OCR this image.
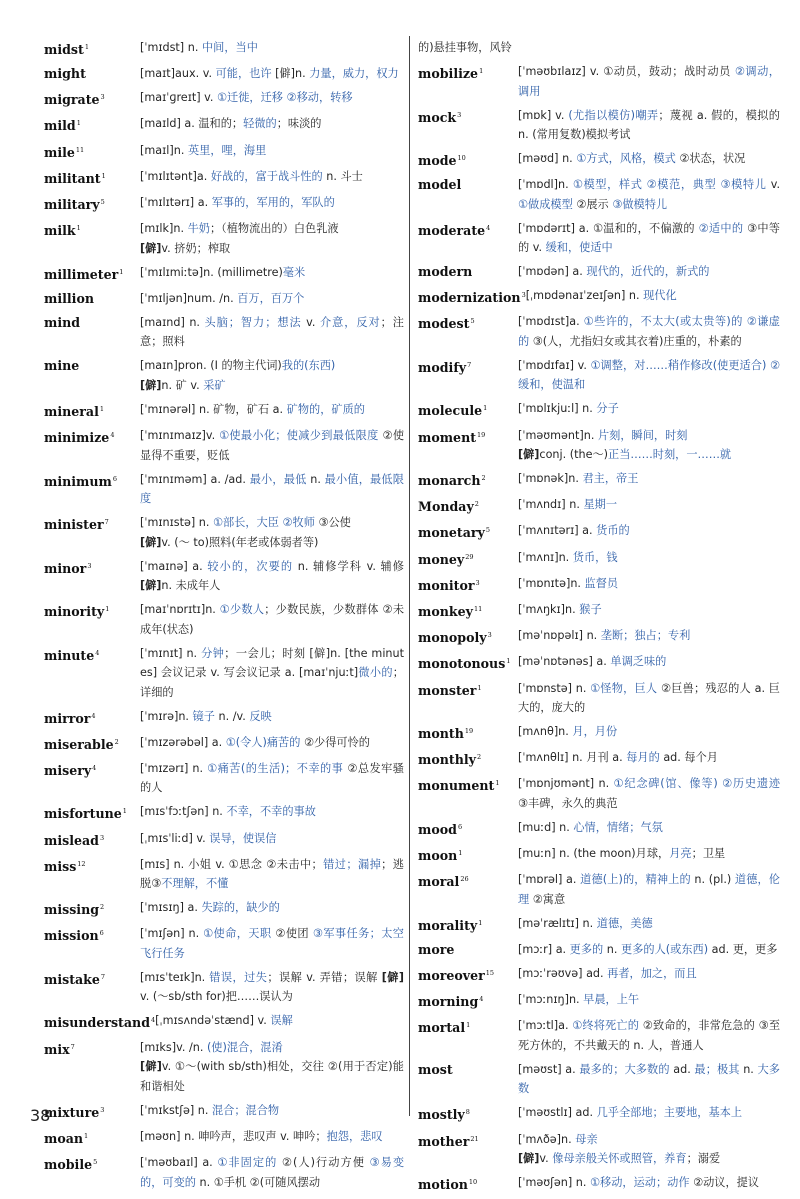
midst$^1$	[ˈmɪdst] n. 中间，当中
might	[maɪt]aux. v. 可能，也许 [僻]n. 力量，威力，权力
migrate$^3$	[maɪˈɡreɪt] v. ①迁徙，迁移 ②移动，转移
mild$^1$	[maɪld] a. 温和的；轻微的；味淡的
mile$^{11}$	[maɪl]n. 英里，哩，海里
militant$^1$	[ˈmɪlɪtənt]a. 好战的，富于战斗性的 n. 斗士
military$^5$	[ˈmɪlɪtərɪ] a. 军事的，军用的，军队的
milk$^1$	[mɪlk]n. 牛奶；（植物流出的）白色乳液
[僻]v. 挤奶；榨取
millimeter$^1$	[ˈmɪlɪmiːtə]n. (millimetre)毫米
million	[ˈmɪljən]num. /n. 百万，百万个
mind	[maɪnd] n. 头脑；智力；想法 v. 介意，反对；注意；照料
mine	[maɪn]pron. (I 的物主代词)我的(东西)
[僻]n. 矿 v. 采矿
mineral$^1$	[ˈmɪnərəl] n. 矿物，矿石 a. 矿物的，矿质的
minimize$^4$	[ˈmɪnɪmaɪz]v. ①使最小化；使减少到最低限度 ②使显得不重要，贬低
minimum$^6$	[ˈmɪnɪməm] a. /ad. 最小，最低 n. 最小值，最低限度
minister$^7$	[ˈmɪnɪstə] n. ①部长，大臣 ②牧师 ③公使
[僻]v. (～ to)照料(年老或体弱者等)
minor$^3$	[ˈmaɪnə] a. 较小的，次要的 n. 辅修学科 v. 辅修 [僻]n. 未成年人
minority$^1$	[maɪˈnɒrɪtɪ]n. ①少数人；少数民族，少数群体 ②未成年(状态)
minute$^4$	[ˈmɪnɪt] n. 分钟；一会儿；时刻 [僻]n. [the minutes] 会议记录 v. 写会议记录 a. [maɪˈnjuːt]微小的；详细的
mirror$^4$	[ˈmɪrə]n. 镜子 n. /v. 反映
miserable$^2$	[ˈmɪzərəbəl] a. ①(令人)痛苦的 ②少得可怜的
misery$^4$	[ˈmɪzərɪ] n. ①痛苦(的生活)；不幸的事 ②总发牢骚的人
misfortune$^1$	[mɪsˈfɔːtʃən] n. 不幸，不幸的事故
mislead$^3$	[ˌmɪsˈliːd] v. 误导，使误信
miss$^{12}$	[mɪs] n. 小姐 v. ①思念 ②未击中；错过；漏掉；逃脱③不理解，不懂
missing$^2$	[ˈmɪsɪŋ] a. 失踪的，缺少的
mission$^6$	[ˈmɪʃən] n. ①使命，天职 ②使团 ③军事任务；太空飞行任务
mistake$^7$	[mɪsˈteɪk]n. 错误，过失；误解 v. 弄错；误解 [僻]v. (～sb/sth for)把……误认为
misunderstand$^4$ [ˌmɪsʌndəˈstænd] v. 误解
mix$^7$	[mɪks]v. /n. (使)混合，混淆
[僻]v. ①～(with sb/sth)相处，交往 ②(用于否定)能和谐相处
mixture$^3$	[ˈmɪkstʃə] n. 混合；混合物
moan$^1$	[məʊn] n. 呻吟声，悲叹声 v. 呻吟；抱怨，悲叹
mobile$^5$	[ˈməʊbaɪl] a. ①非固定的 ②(人)行动方便 ③易变的，可变的 n. ①手机 ②(可随风摆动
的)悬挂事物，风铃
mobilize$^1$	[ˈməʊbɪlaɪz] v. ①动员，鼓动；战时动员 ②调动，调用
mock$^3$	[mɒk] v. (尤指以模仿)嘲弄；蔑视 a. 假的，模拟的 n. (常用复数)模拟考试
mode$^{10}$	[məʊd] n. ①方式，风格，模式 ②状态，状况
model	[ˈmɒdl]n. ①模型，样式 ②模范，典型 ③模特儿 v. ①做成模型 ②展示 ③做模特儿
moderate$^4$	[ˈmɒdərɪt] a. ①温和的，不偏激的 ②适中的 ③中等的 v. 缓和，使适中
modern	[ˈmɒdən] a. 现代的，近代的，新式的
modernization$^3$ [ˌmɒdənaɪˈzeɪʃən] n. 现代化
modest$^5$	[ˈmɒdɪst]a. ①些许的，不太大(或太贵等)的 ②谦虚的 ③(人，尤指妇女或其衣着)庄重的，朴素的
modify$^7$	[ˈmɒdɪfaɪ] v. ①调整，对……稍作修改(使更适合) ②缓和，使温和
molecule$^1$	[ˈmɒlɪkjuːl] n. 分子
moment$^{19}$	[ˈməʊmənt]n. 片刻，瞬间，时刻
[僻]conj. (the～)正当……时刻，一……就
monarch$^2$	[ˈmɒnək]n. 君主，帝王
Monday$^2$	[ˈmʌndɪ] n. 星期一
monetary$^5$	[ˈmʌnɪtərɪ] a. 货币的
money$^{29}$	[ˈmʌnɪ]n. 货币，钱
monitor$^3$	[ˈmɒnɪtə]n. 监督员
monkey$^{11}$	[ˈmʌŋkɪ]n. 猴子
monopoly$^3$	[məˈnɒpəlɪ] n. 垄断；独占；专利
monotonous$^1$ [məˈnɒtənəs] a. 单调乏味的
monster$^1$	[ˈmɒnstə] n. ①怪物，巨人 ②巨兽；残忍的人 a. 巨大的，庞大的
month$^{19}$	[mʌnθ]n. 月，月份
monthly$^2$	[ˈmʌnθlɪ] n. 月刊 a. 每月的 ad. 每个月
monument$^1$	[ˈmɒnjʊmənt] n. ①纪念碑(馆、像等) ②历史遗迹 ③丰碑，永久的典范
mood$^6$	[muːd] n. 心情，情绪；气氛
moon$^1$	[muːn] n. (the moon)月球，月亮；卫星
moral$^{26}$	[ˈmɒrəl] a. 道德(上)的，精神上的 n. (pl.) 道德，伦理 ②寓意
morality$^1$	[məˈrælɪtɪ] n. 道德，美德
more	[mɔːr] a. 更多的 n. 更多的人(或东西) ad. 更，更多
moreover$^{15}$	[mɔːˈrəʊvə] ad. 再者，加之，而且
morning$^4$	[ˈmɔːnɪŋ]n. 早晨，上午
mortal$^1$	[ˈmɔːtl]a. ①终将死亡的 ②致命的，非常危急的 ③至死方休的，不共戴天的 n. 人，普通人
most	[məʊst] a. 最多的；大多数的 ad. 最；极其 n. 大多数
mostly$^8$	[ˈməʊstlɪ] ad. 几乎全部地；主要地，基本上
mother$^{21}$	[ˈmʌðə]n. 母亲
[僻]v. 像母亲般关怀或照管，养育；溺爱
motion$^{10}$	[ˈməʊʃən] n. ①移动，运动；动作 ②动议，提议
38
